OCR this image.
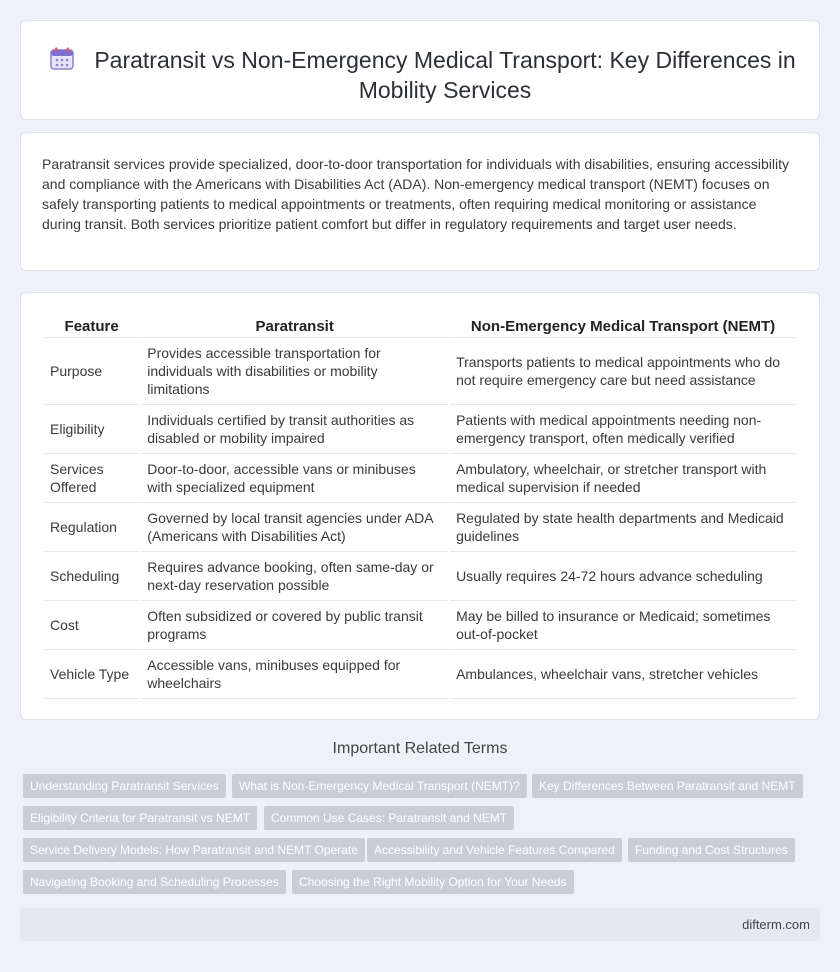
Paratransit vs Non-Emergency Medical Transport: Key Differences in Mobility Services

Paratransit services provide specialized, door-to-door transportation for individuals with disabilities, ensuring accessibility and compliance with the Americans with Disabilities Act (ADA). Non-emergency medical transport (NEMT) focuses on safely transporting patients to medical appointments or treatments, often requiring medical monitoring or assistance during transit. Both services prioritize patient comfort but differ in regulatory requirements and target user needs.

Feature	Paratransit	Non-Emergency Medical Transport (NEMT)
Purpose	Provides accessible transportation for individuals with disabilities or mobility limitations	Transports patients to medical appointments who do not require emergency care but need assistance
Eligibility	Individuals certified by transit authorities as disabled or mobility impaired	Patients with medical appointments needing non-emergency transport, often medically verified
Services Offered	Door-to-door, accessible vans or minibuses with specialized equipment	Ambulatory, wheelchair, or stretcher transport with medical supervision if needed
Regulation	Governed by local transit agencies under ADA (Americans with Disabilities Act)	Regulated by state health departments and Medicaid guidelines
Scheduling	Requires advance booking, often same-day or next-day reservation possible	Usually requires 24-72 hours advance scheduling
Cost	Often subsidized or covered by public transit programs	May be billed to insurance or Medicaid; sometimes out-of-pocket
Vehicle Type	Accessible vans, minibuses equipped for wheelchairs	Ambulances, wheelchair vans, stretcher vehicles
Important Related Terms
Understanding Paratransit Services	What is Non-Emergency Medical Transport (NEMT)?	Key Differences Between Paratransit and NEMT
Eligibility Criteria for Paratransit vs NEMT	Common Use Cases: Paratransit and NEMT
Service Delivery Models: How Paratransit and NEMT Operate	Accessibility and Vehicle Features Compared	Funding and Cost Structures
Navigating Booking and Scheduling Processes	Choosing the Right Mobility Option for Your Needs
difterm.com
